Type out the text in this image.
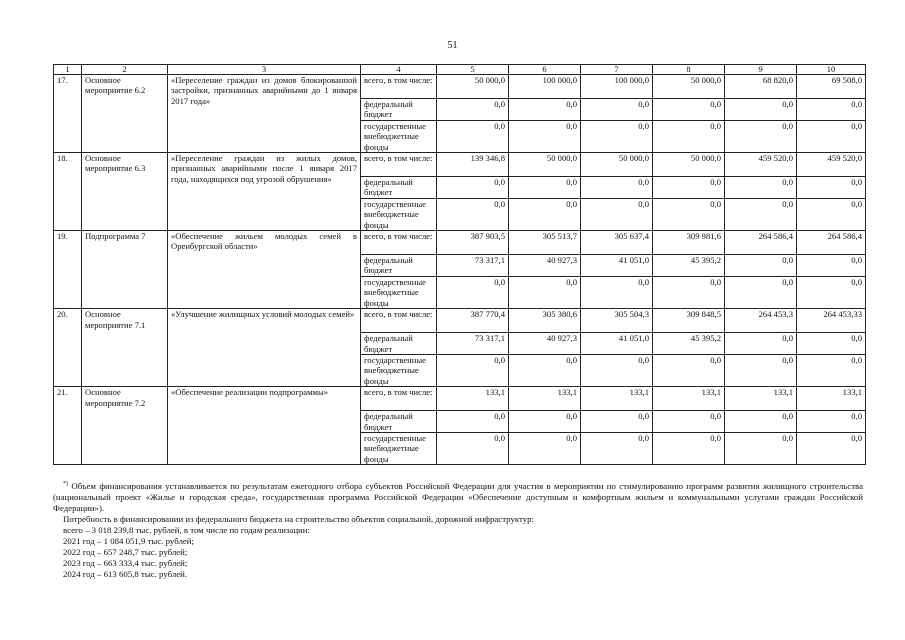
51
1	2	3	4	5	6	7	8	9	10
17.	Основное мероприятие 6.2	«Переселение граждан из домов блокированной застройки, признанных аварийными до 1 января 2017 года»	всего, в том числе:	50 000,0	100 000,0	100 000,0	50 000,0	68 820,0	69 508,0
			федеральный бюджет	0,0	0,0	0,0	0,0	0,0	0,0
			государственные внебюджетные фонды	0,0	0,0	0,0	0,0	0,0	0,0
18.	Основное мероприятие 6.3	«Переселение граждан из жилых домов, признанных аварийными после 1 января 2017 года, находящихся под угрозой обрушения»	всего, в том числе:	139 346,8	50 000,0	50 000,0	50 000,0	459 520,0	459 520,0
			федеральный бюджет	0,0	0,0	0,0	0,0	0,0	0,0
			государственные внебюджетные фонды	0,0	0,0	0,0	0,0	0,0	0,0
19.	Подпрограмма 7	«Обеспечение жильем молодых семей в Оренбургской области»	всего, в том числе:	387 903,5	305 513,7	305 637,4	309 981,6	264 586,4	264 586,4
			федеральный бюджет	73 317,1	40 927,3	41 051,0	45 395,2	0,0	0,0
			государственные внебюджетные фонды	0,0	0,0	0,0	0,0	0,0	0,0
20.	Основное мероприятие 7.1	«Улучшение жилищных условий молодых семей»	всего, в том числе:	387 770,4	305 380,6	305 504,3	309 848,5	264 453,3	264 453,33
			федеральный бюджет	73 317,1	40 927,3	41 051,0	45 395,2	0,0	0,0
			государственные внебюджетные фонды	0,0	0,0	0,0	0,0	0,0	0,0
21.	Основное мероприятие 7.2	«Обеспечение реализации подпрограммы»	всего, в том числе:	133,1	133,1	133,1	133,1	133,1	133,1
			федеральный бюджет	0,0	0,0	0,0	0,0	0,0	0,0
			государственные внебюджетные фонды	0,0	0,0	0,0	0,0	0,0	0,0

*) Объем финансирования устанавливается по результатам ежегодного отбора субъектов Российской Федерации для участия в мероприятии по стимулированию программ развития жилищного строительства (национальный проект «Жилье и городская среда», государственная программа Российской Федерации «Обеспечение доступным и комфортным жильем и коммунальными услугами граждан Российской Федерации»).

Потребность в финансировании из федерального бюджета на строительство объектов социальной, дорожной инфраструктур:

всего – 3 018 239,8 тыс. рублей, в том числе по годам реализации:

2021 год – 1 084 051,9 тыс. рублей;

2022 год – 657 248,7 тыс. рублей;

2023 год – 663 333,4 тыс. рублей;

2024 год – 613 605,8 тыс. рублей.
